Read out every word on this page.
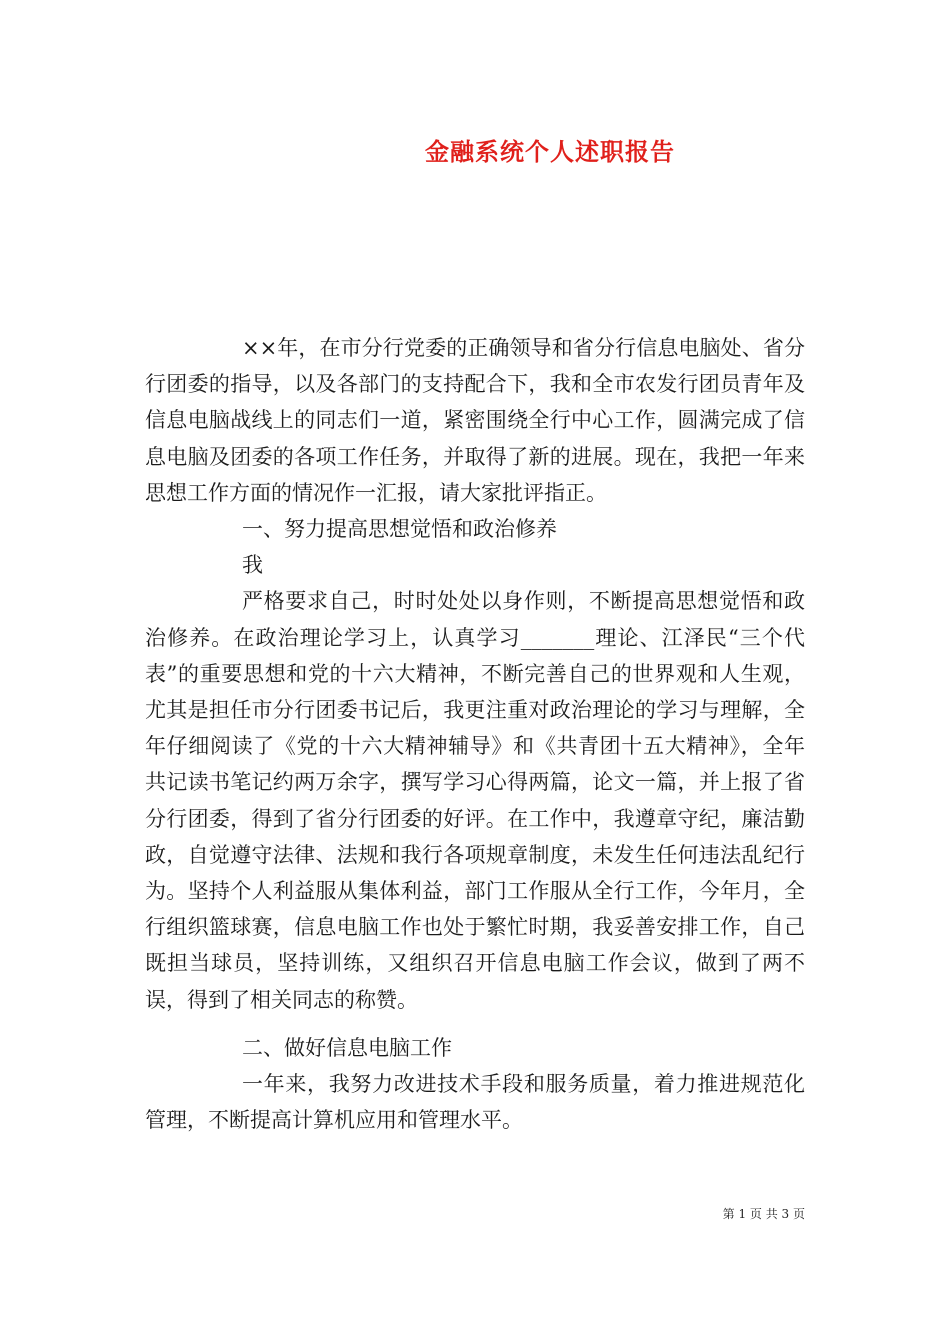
金融系统个人述职报告

××年，在市分行党委的正确领导和省分行信息电脑处、省分行团委的指导，以及各部门的支持配合下，我和全市农发行团员青年及信息电脑战线上的同志们一道，紧密围绕全行中心工作，圆满完成了信息电脑及团委的各项工作任务，并取得了新的进展。现在，我把一年来思想工作方面的情况作一汇报，请大家批评指正。

一、努力提高思想觉悟和政治修养

我

严格要求自己，时时处处以身作则，不断提高思想觉悟和政治修养。在政治理论学习上，认真学习_______理论、江泽民“三个代表”的重要思想和党的十六大精神，不断完善自己的世界观和人生观，尤其是担任市分行团委书记后，我更注重对政治理论的学习与理解，全年仔细阅读了《党的十六大精神辅导》和《共青团十五大精神》，全年共记读书笔记约两万余字，撰写学习心得两篇，论文一篇，并上报了省分行团委，得到了省分行团委的好评。在工作中，我遵章守纪，廉洁勤政，自觉遵守法律、法规和我行各项规章制度，未发生任何违法乱纪行为。坚持个人利益服从集体利益，部门工作服从全行工作，今年月，全行组织篮球赛，信息电脑工作也处于繁忙时期，我妥善安排工作，自己既担当球员，坚持训练，又组织召开信息电脑工作会议，做到了两不误，得到了相关同志的称赞。

二、做好信息电脑工作

一年来，我努力改进技术手段和服务质量，着力推进规范化管理，不断提高计算机应用和管理水平。

第 1 页 共 3 页
